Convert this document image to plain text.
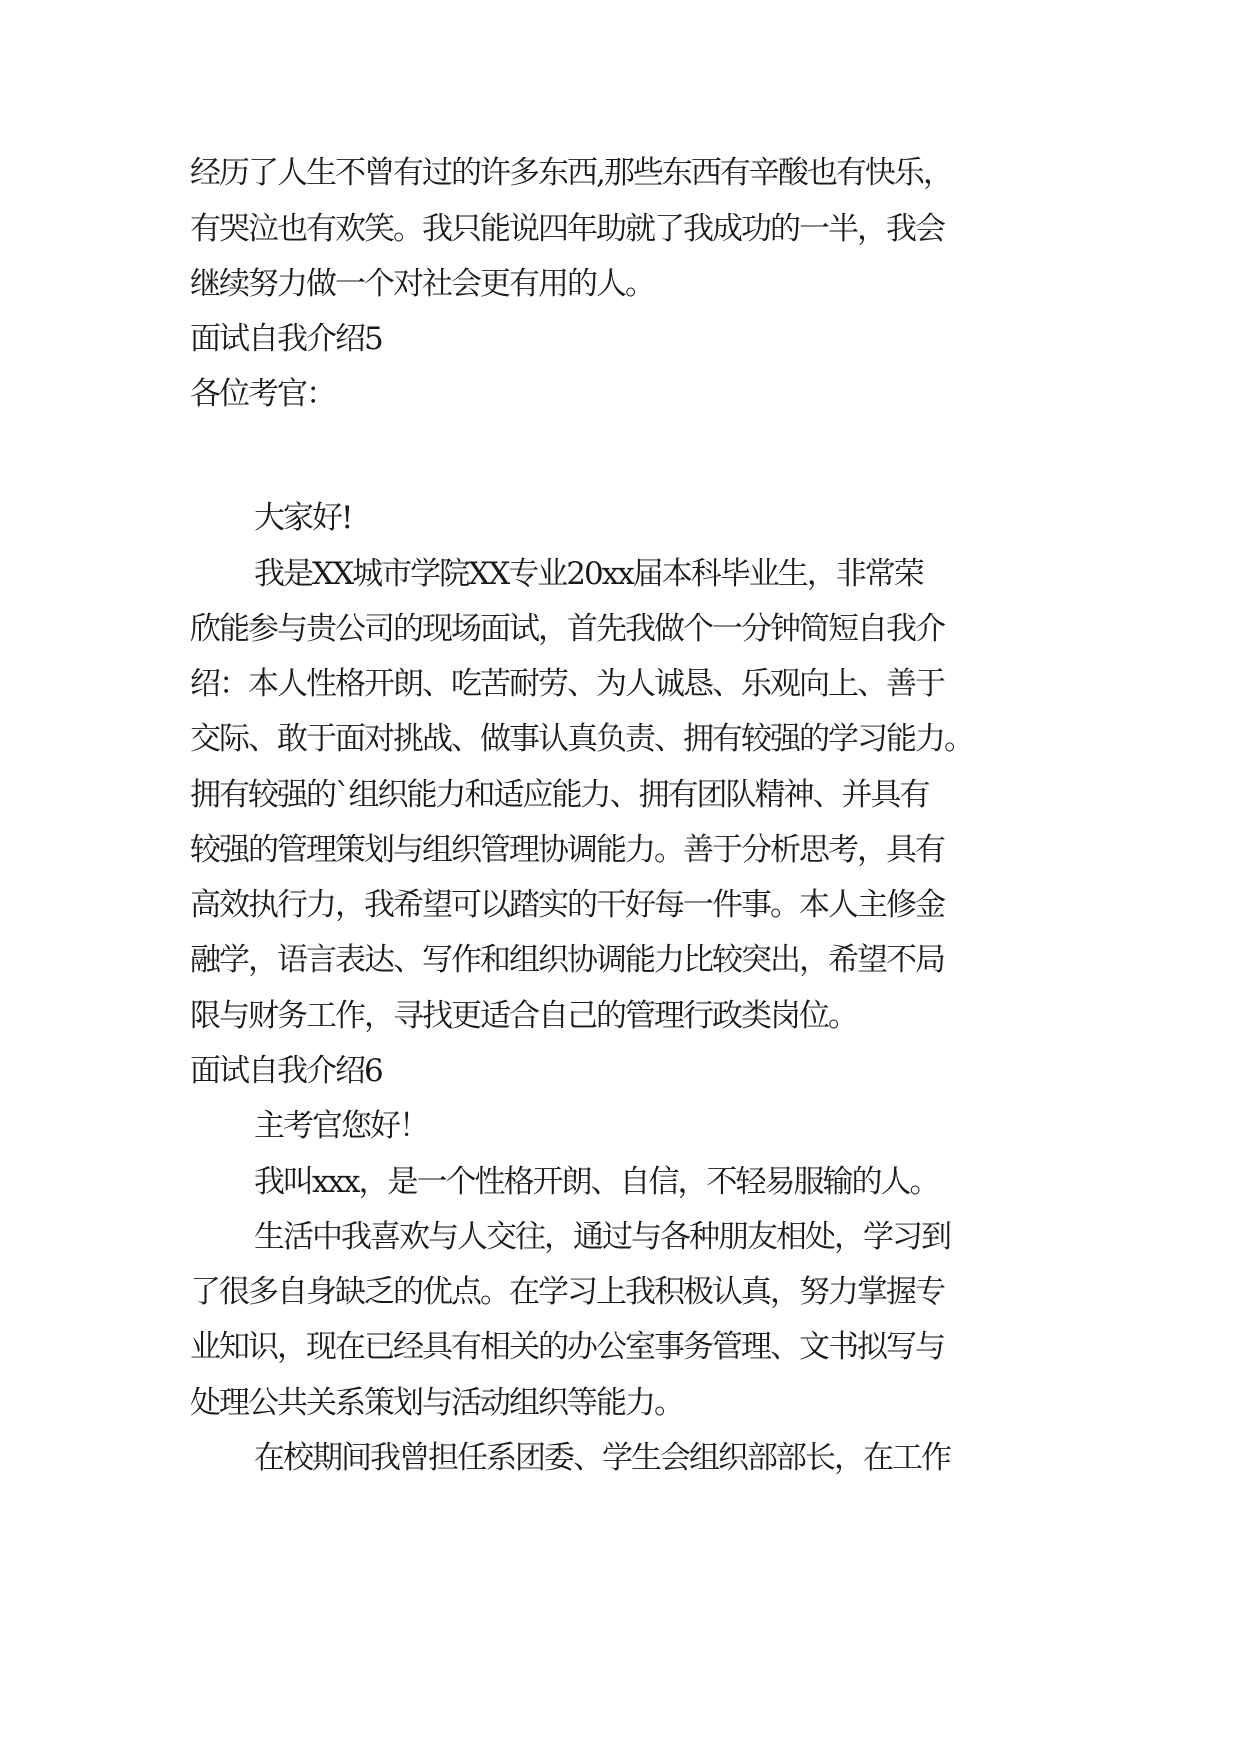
经历了人生不曾有过的许多东西,那些东西有辛酸也有快乐，
有哭泣也有欢笑。我只能说四年助就了我成功的一半，我会
继续努力做一个对社会更有用的人。
面试自我介绍5
各位考官：
大家好!
我是XX城市学院XX专业20xx届本科毕业生，非常荣
欣能参与贵公司的现场面试，首先我做个一分钟简短自我介
绍：本人性格开朗、吃苦耐劳、为人诚恳、乐观向上、善于
交际、敢于面对挑战、做事认真负责、拥有较强的学习能力。
拥有较强的`组织能力和适应能力、拥有团队精神、并具有
较强的管理策划与组织管理协调能力。善于分析思考，具有
高效执行力，我希望可以踏实的干好每一件事。本人主修金
融学，语言表达、写作和组织协调能力比较突出，希望不局
限与财务工作，寻找更适合自己的管理行政类岗位。
面试自我介绍6
主考官您好！
我叫xxx，是一个性格开朗、自信，不轻易服输的人。
生活中我喜欢与人交往，通过与各种朋友相处，学习到
了很多自身缺乏的优点。在学习上我积极认真，努力掌握专
业知识，现在已经具有相关的办公室事务管理、文书拟写与
处理公共关系策划与活动组织等能力。
在校期间我曾担任系团委、学生会组织部部长，在工作
